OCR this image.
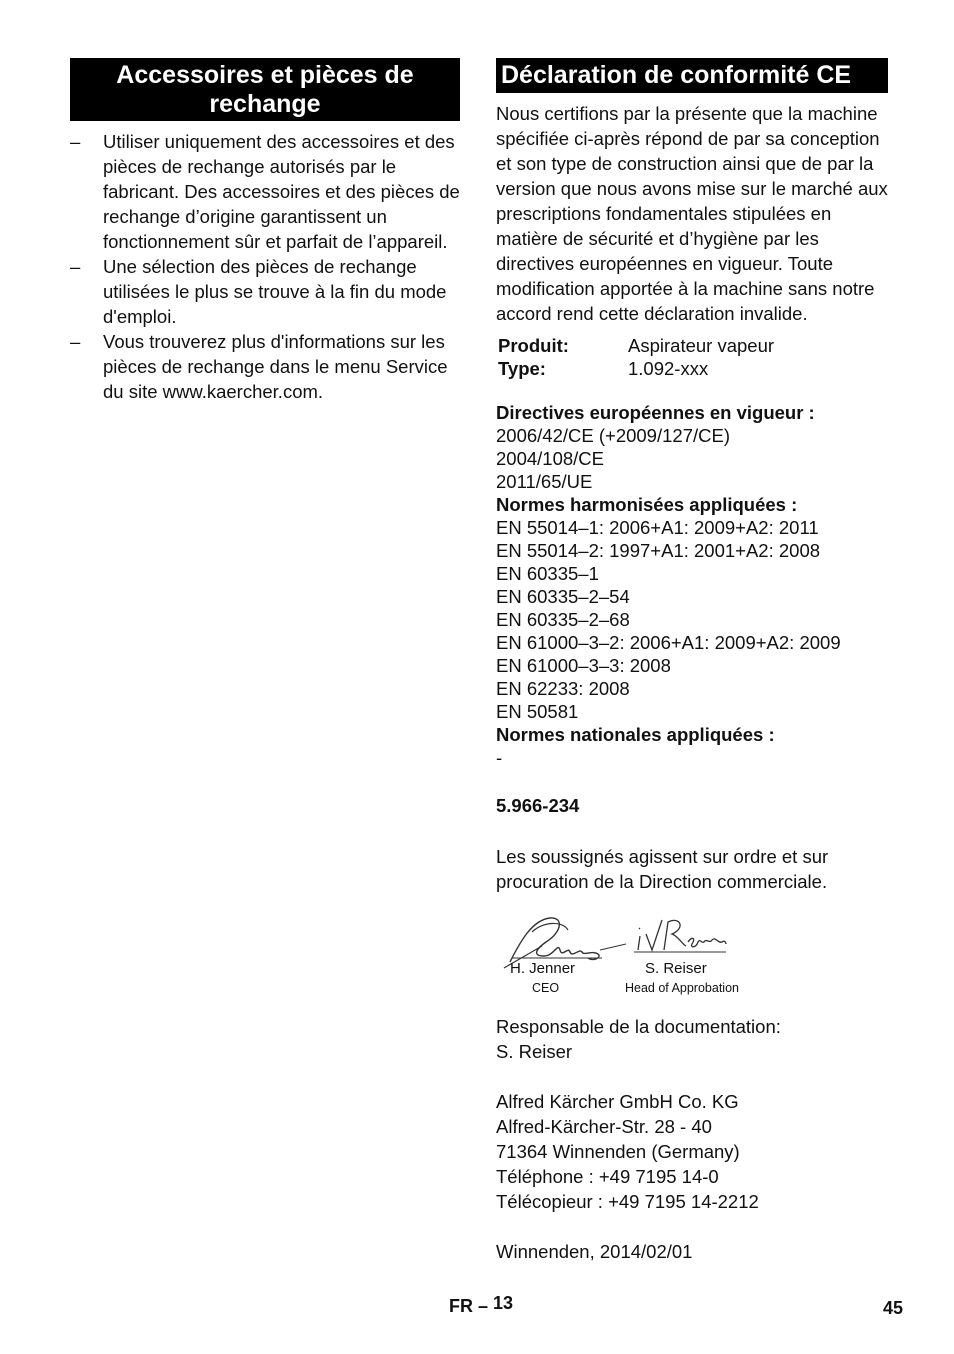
Accessoires et pièces de rechange
– Utiliser uniquement des accessoires et des pièces de rechange autorisés par le fabricant. Des accessoires et des pièces de rechange d’origine garantissent un fonctionnement sûr et parfait de l’appareil.
– Une sélection des pièces de rechange utilisées le plus se trouve à la fin du mode d'emploi.
– Vous trouverez plus d'informations sur les pièces de rechange dans le menu Service du site www.kaercher.com.
Déclaration de conformité CE
Nous certifions par la présente que la machine spécifiée ci-après répond de par sa conception et son type de construction ainsi que de par la version que nous avons mise sur le marché aux prescriptions fondamentales stipulées en matière de sécurité et d’hygiène par les directives européennes en vigueur. Toute modification apportée à la machine sans notre accord rend cette déclaration invalide.
Produit:	Aspirateur vapeur
Type:	1.092-xxx
Directives européennes en vigueur :
2006/42/CE (+2009/127/CE)
2004/108/CE
2011/65/UE
Normes harmonisées appliquées :
EN 55014–1: 2006+A1: 2009+A2: 2011
EN 55014–2: 1997+A1: 2001+A2: 2008
EN 60335–1
EN 60335–2–54
EN 60335–2–68
EN 61000–3–2: 2006+A1: 2009+A2: 2009
EN 61000–3–3: 2008
EN 62233: 2008
EN 50581
Normes nationales appliquées :
-
5.966-234
Les soussignés agissent sur ordre et sur procuration de la Direction commerciale.
H. Jenner
CEO
S. Reiser
Head of Approbation
Responsable de la documentation:
S. Reiser
Alfred Kärcher GmbH Co. KG
Alfred-Kärcher-Str. 28 - 40
71364 Winnenden (Germany)
Téléphone : +49 7195 14-0
Télécopieur : +49 7195 14-2212
Winnenden, 2014/02/01
FR – 13	45
